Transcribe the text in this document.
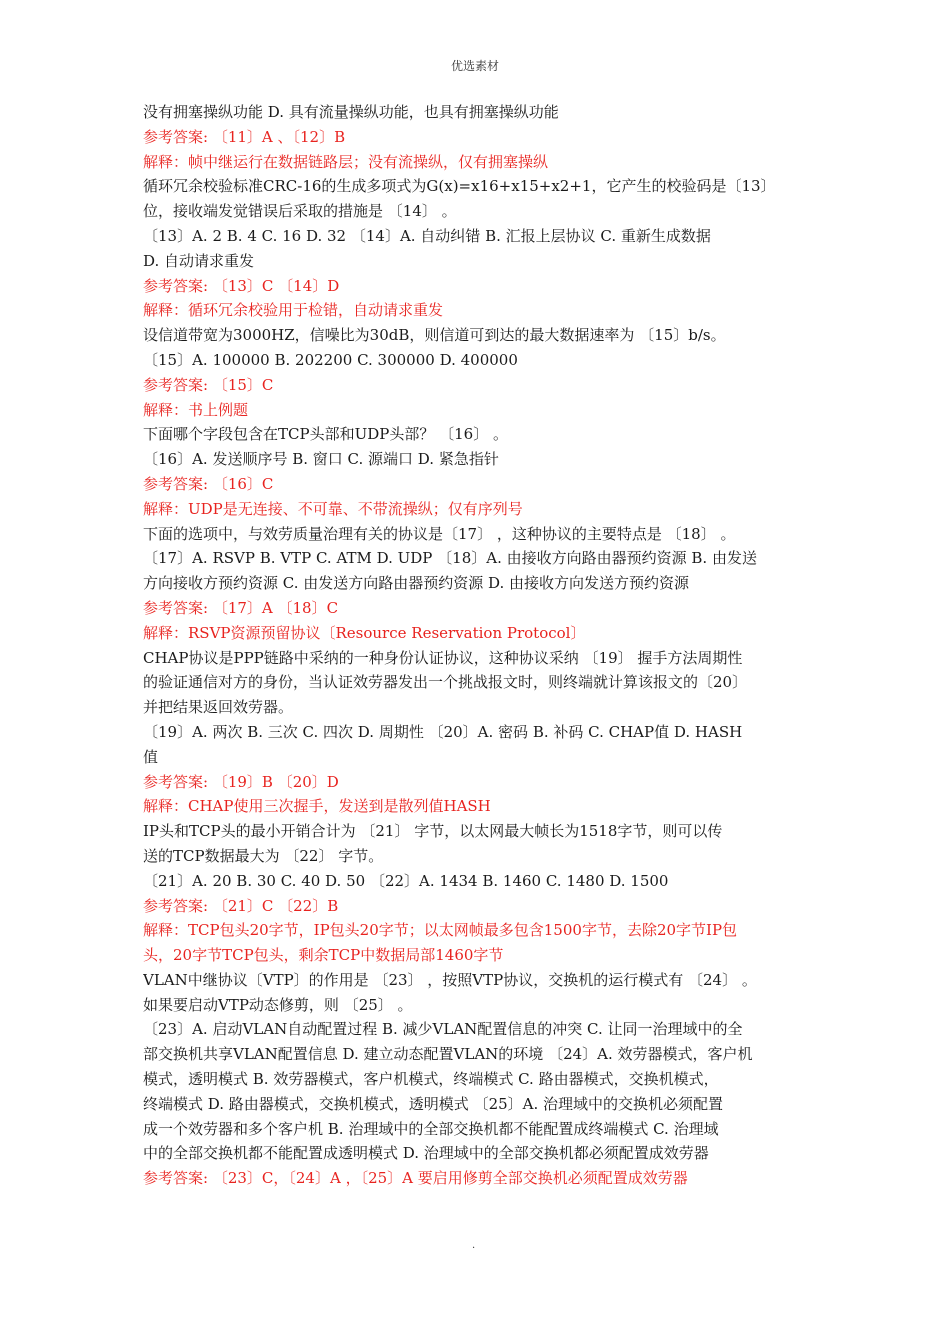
优选素材
没有拥塞操纵功能 D. 具有流量操纵功能，也具有拥塞操纵功能
参考答案: 〔11〕A 、〔12〕B
解释：帧中继运行在数据链路层；没有流操纵，仅有拥塞操纵
循环冗余校验标准CRC-16的生成多项式为G(x)=x16+x15+x2+1，它产生的校验码是〔13〕
位，接收端发觉错误后采取的措施是 〔14〕 。
〔13〕A. 2 B. 4 C. 16 D. 32 〔14〕A. 自动纠错 B. 汇报上层协议 C. 重新生成数据
D. 自动请求重发
参考答案: 〔13〕C 〔14〕D
解释：循环冗余校验用于检错，自动请求重发
设信道带宽为3000HZ，信噪比为30dB，则信道可到达的最大数据速率为 〔15〕b/s。
〔15〕A. 100000 B. 202200 C. 300000 D. 400000
参考答案: 〔15〕C
解释：书上例题
下面哪个字段包含在TCP头部和UDP头部？ 〔16〕 。
〔16〕A. 发送顺序号 B. 窗口 C. 源端口 D. 紧急指针
参考答案: 〔16〕C
解释：UDP是无连接、不可靠、不带流操纵；仅有序列号
下面的选项中，与效劳质量治理有关的协议是〔17〕 ，这种协议的主要特点是 〔18〕 。
〔17〕A. RSVP B. VTP C. ATM D. UDP 〔18〕A. 由接收方向路由器预约资源 B. 由发送
方向接收方预约资源 C. 由发送方向路由器预约资源 D. 由接收方向发送方预约资源
参考答案: 〔17〕A 〔18〕C
解释：RSVP资源预留协议〔Resource Reservation Protocol〕
CHAP协议是PPP链路中采纳的一种身份认证协议，这种协议采纳 〔19〕 握手方法周期性
的验证通信对方的身份，当认证效劳器发出一个挑战报文时，则终端就计算该报文的〔20〕
并把结果返回效劳器。
〔19〕A. 两次 B. 三次 C. 四次 D. 周期性 〔20〕A. 密码 B. 补码 C. CHAP值 D. HASH
值
参考答案: 〔19〕B 〔20〕D
解释：CHAP使用三次握手，发送到是散列值HASH
IP头和TCP头的最小开销合计为 〔21〕 字节，以太网最大帧长为1518字节，则可以传
送的TCP数据最大为 〔22〕 字节。
〔21〕A. 20 B. 30 C. 40 D. 50 〔22〕A. 1434 B. 1460 C. 1480 D. 1500
参考答案: 〔21〕C 〔22〕B
解释：TCP包头20字节，IP包头20字节；以太网帧最多包含1500字节，去除20字节IP包
头，20字节TCP包头，剩余TCP中数据局部1460字节
VLAN中继协议〔VTP〕的作用是 〔23〕 ，按照VTP协议，交换机的运行模式有 〔24〕 。
如果要启动VTP动态修剪，则 〔25〕 。
〔23〕A. 启动VLAN自动配置过程 B. 减少VLAN配置信息的冲突 C. 让同一治理域中的全
部交换机共享VLAN配置信息 D. 建立动态配置VLAN的环境 〔24〕A. 效劳器模式，客户机
模式，透明模式 B. 效劳器模式，客户机模式，终端模式 C. 路由器模式，交换机模式，
终端模式 D. 路由器模式，交换机模式，透明模式 〔25〕A. 治理域中的交换机必须配置
成一个效劳器和多个客户机 B. 治理域中的全部交换机都不能配置成终端模式 C. 治理域
中的全部交换机都不能配置成透明模式 D. 治理域中的全部交换机都必须配置成效劳器
参考答案: 〔23〕C，〔24〕A ，〔25〕A 要启用修剪全部交换机必须配置成效劳器
.
